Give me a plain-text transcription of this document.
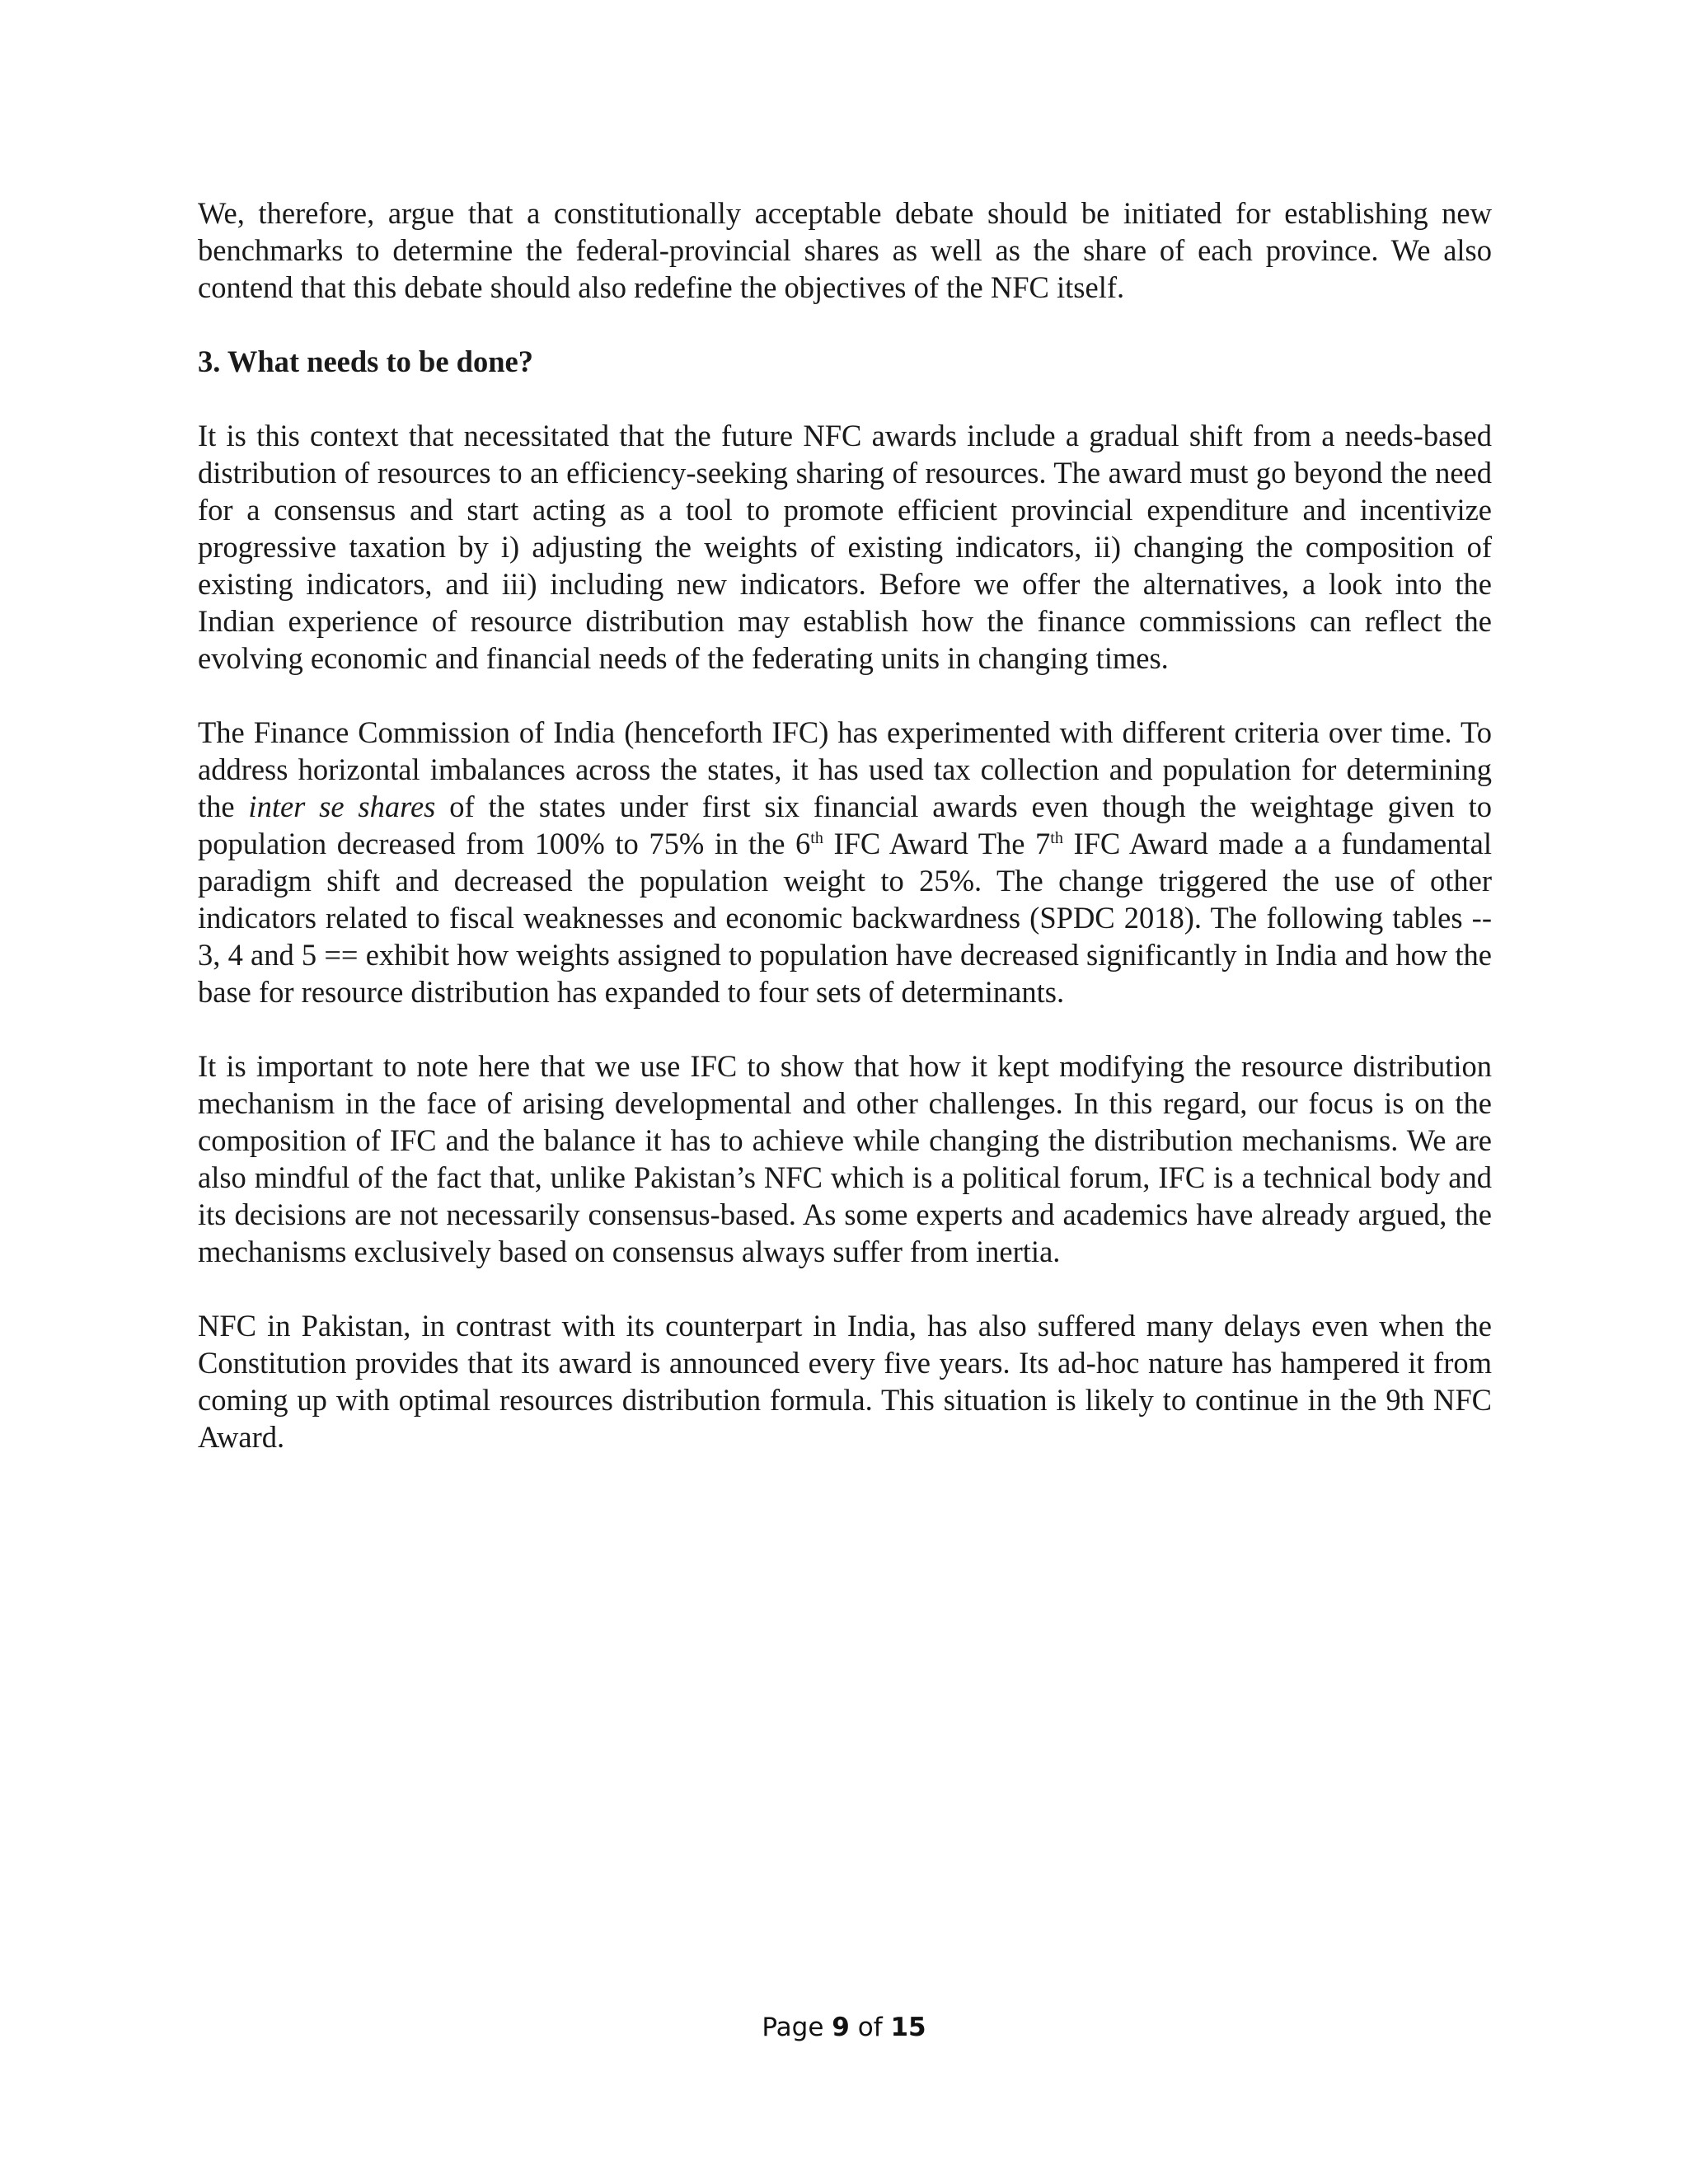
We, therefore, argue that a constitutionally acceptable debate should be initiated for establishing new benchmarks to determine the federal-provincial shares as well as the share of each province. We also contend that this debate should also redefine the objectives of the NFC itself.

3. What needs to be done?

It is this context that necessitated that the future NFC awards include a gradual shift from a needs-based distribution of resources to an efficiency-seeking sharing of resources. The award must go beyond the need for a consensus and start acting as a tool to promote efficient provincial expenditure and incentivize progressive taxation by i) adjusting the weights of existing indicators, ii) changing the composition of existing indicators, and iii) including new indicators. Before we offer the alternatives, a look into the Indian experience of resource distribution may establish how the finance commissions can reflect the evolving economic and financial needs of the federating units in changing times.

The Finance Commission of India (henceforth IFC) has experimented with different criteria over time. To address horizontal imbalances across the states, it has used tax collection and population for determining the inter se shares of the states under first six financial awards even though the weightage given to population decreased from 100% to 75% in the 6th IFC Award The 7th IFC Award made a a fundamental paradigm shift and decreased the population weight to 25%. The change triggered the use of other indicators related to fiscal weaknesses and economic backwardness (SPDC 2018). The following tables -- 3, 4 and 5 == exhibit how weights assigned to population have decreased significantly in India and how the base for resource distribution has expanded to four sets of determinants.

It is important to note here that we use IFC to show that how it kept modifying the resource distribution mechanism in the face of arising developmental and other challenges. In this regard, our focus is on the composition of IFC and the balance it has to achieve while changing the distribution mechanisms. We are also mindful of the fact that, unlike Pakistan’s NFC which is a political forum, IFC is a technical body and its decisions are not necessarily consensus-based. As some experts and academics have already argued, the mechanisms exclusively based on consensus always suffer from inertia.

NFC in Pakistan, in contrast with its counterpart in India, has also suffered many delays even when the Constitution provides that its award is announced every five years. Its ad-hoc nature has hampered it from coming up with optimal resources distribution formula. This situation is likely to continue in the 9th NFC Award.

Page 9 of 15
